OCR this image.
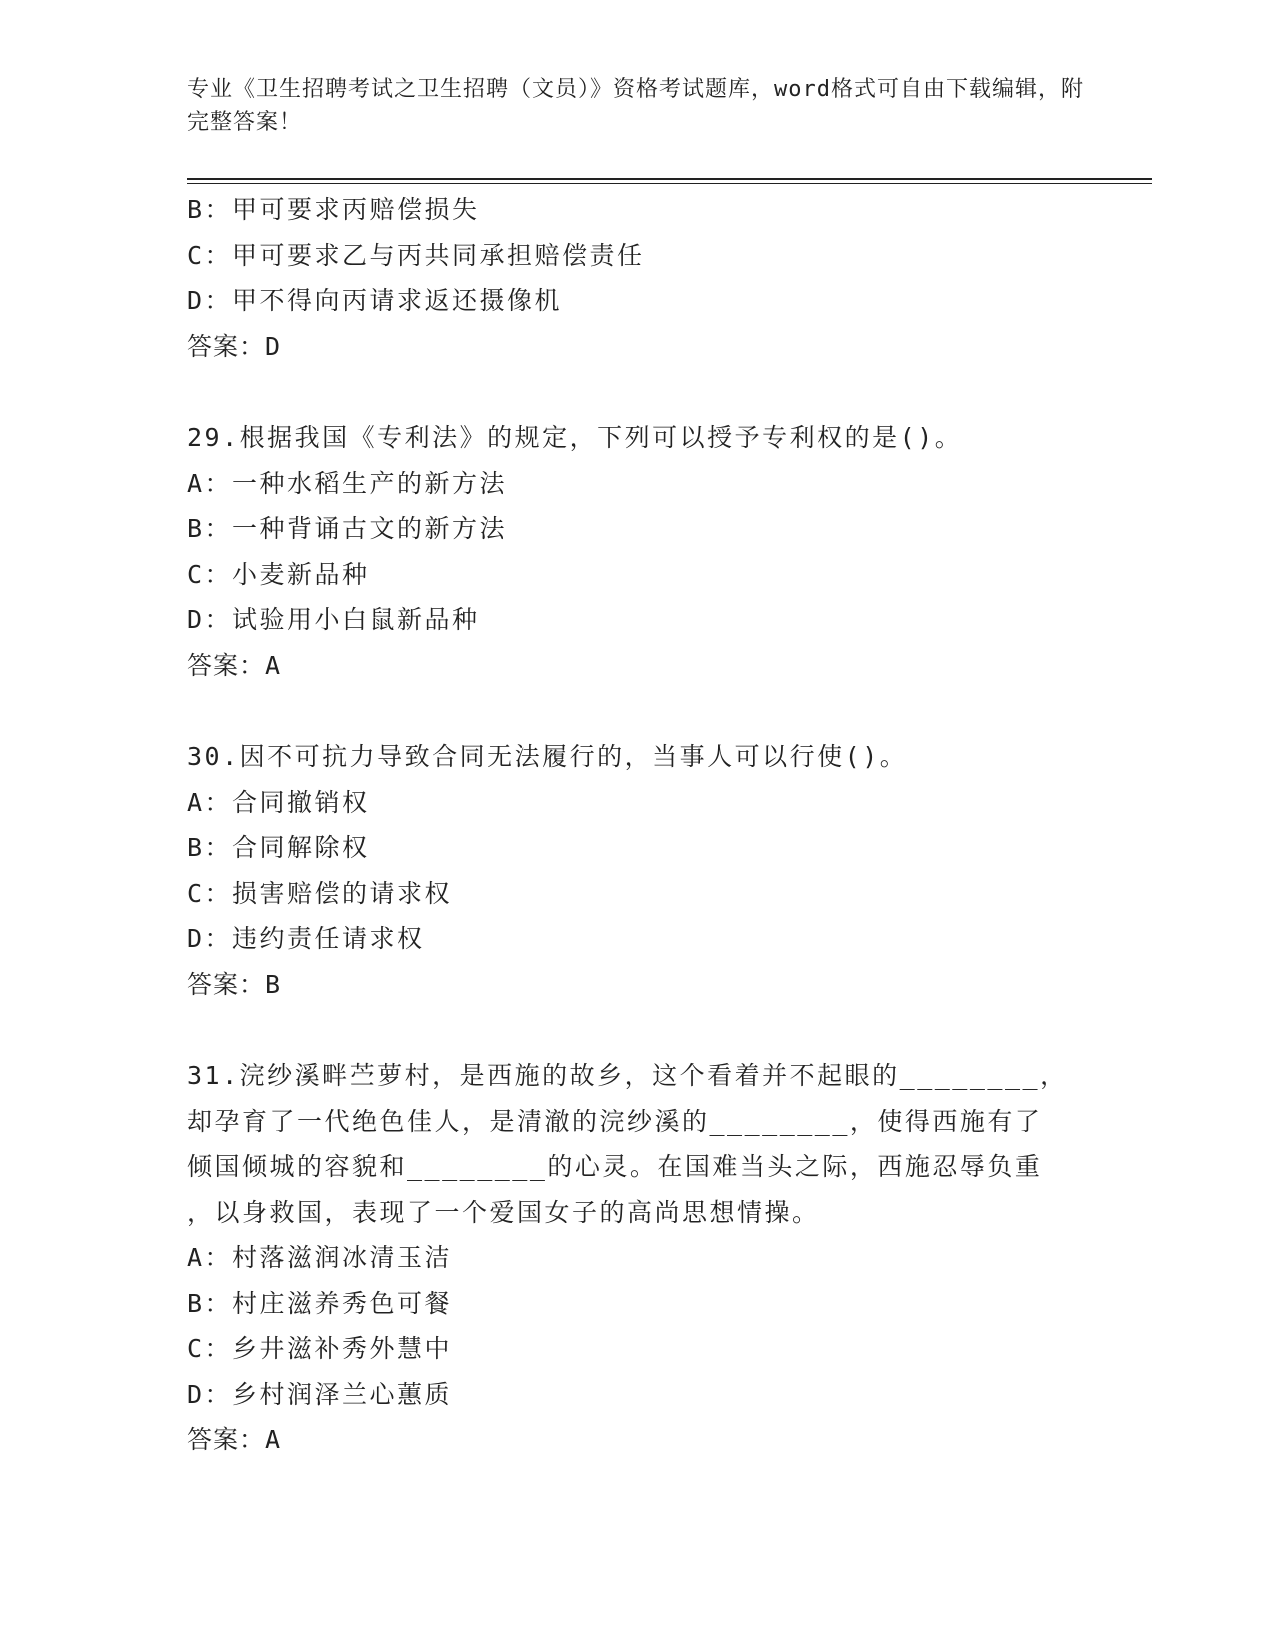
专业《卫生招聘考试之卫生招聘（文员）》资格考试题库，word格式可自由下载编辑，附完整答案！
B：甲可要求丙赔偿损失
C：甲可要求乙与丙共同承担赔偿责任
D：甲不得向丙请求返还摄像机
答案：D
29.根据我国《专利法》的规定，下列可以授予专利权的是()。
A：一种水稻生产的新方法
B：一种背诵古文的新方法
C：小麦新品种
D：试验用小白鼠新品种
答案：A
30.因不可抗力导致合同无法履行的，当事人可以行使()。
A：合同撤销权
B：合同解除权
C：损害赔偿的请求权
D：违约责任请求权
答案：B
31.浣纱溪畔苎萝村，是西施的故乡，这个看着并不起眼的________，
却孕育了一代绝色佳人，是清澈的浣纱溪的________，使得西施有了
倾国倾城的容貌和________的心灵。在国难当头之际，西施忍辱负重
，以身救国，表现了一个爱国女子的高尚思想情操。
A：村落滋润冰清玉洁
B：村庄滋养秀色可餐
C：乡井滋补秀外慧中
D：乡村润泽兰心蕙质
答案：A
